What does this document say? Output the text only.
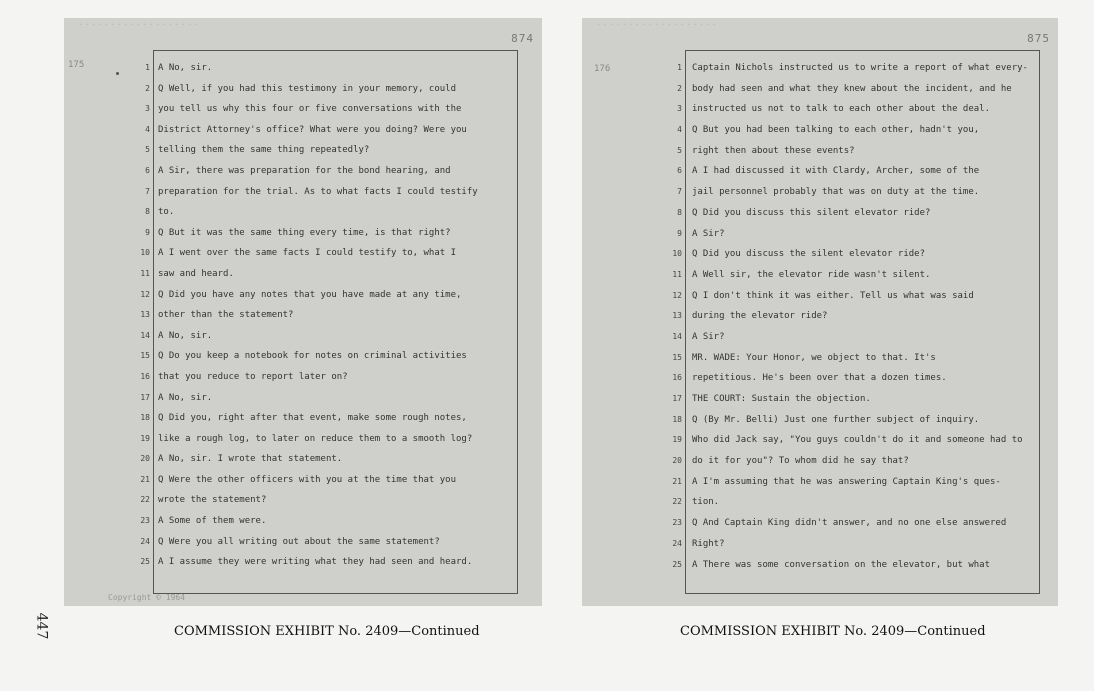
...................
874
175	1 A No, sir.
2 Q Well, if you had this testimony in your memory, could
3 you tell us why this four or five conversations with the
4 District Attorney's office? What were you doing? Were you
5 telling them the same thing repeatedly?
6 A Sir, there was preparation for the bond hearing, and
7 preparation for the trial. As to what facts I could testify
8 to.
9 Q But it was the same thing every time, is that right?
10 A I went over the same facts I could testify to, what I
11 saw and heard.
12 Q Did you have any notes that you have made at any time,
13 other than the statement?
14 A No, sir.
15 Q Do you keep a notebook for notes on criminal activities
16 that you reduce to report later on?
17 A No, sir.
18 Q Did you, right after that event, make some rough notes,
19 like a rough log, to later on reduce them to a smooth log?
20 A No, sir. I wrote that statement.
21 Q Were the other officers with you at the time that you
22 wrote the statement?
23 A Some of them were.
24 Q Were you all writing out about the same statement?
25 A I assume they were writing what they had seen and heard.
Copyright © 1964
...................
875
176	1 Captain Nichols instructed us to write a report of what every-
2 body had seen and what they knew about the incident, and he
3 instructed us not to talk to each other about the deal.
4 Q But you had been talking to each other, hadn't you,
5 right then about these events?
6 A I had discussed it with Clardy, Archer, some of the
7 jail personnel probably that was on duty at the time.
8 Q Did you discuss this silent elevator ride?
9 A Sir?
10 Q Did you discuss the silent elevator ride?
11 A Well sir, the elevator ride wasn't silent.
12 Q I don't think it was either. Tell us what was said
13 during the elevator ride?
14 A Sir?
15 MR. WADE: Your Honor, we object to that. It's
16 repetitious. He's been over that a dozen times.
17 THE COURT: Sustain the objection.
18 Q (By Mr. Belli) Just one further subject of inquiry.
19 Who did Jack say, "You guys couldn't do it and someone had to
20 do it for you"? To whom did he say that?
21 A I'm assuming that he was answering Captain King's ques-
22 tion.
23 Q And Captain King didn't answer, and no one else answered
24 Right?
25 A There was some conversation on the elevator, but what
COMMISSION EXHIBIT No. 2409—Continued	COMMISSION EXHIBIT No. 2409—Continued
447
